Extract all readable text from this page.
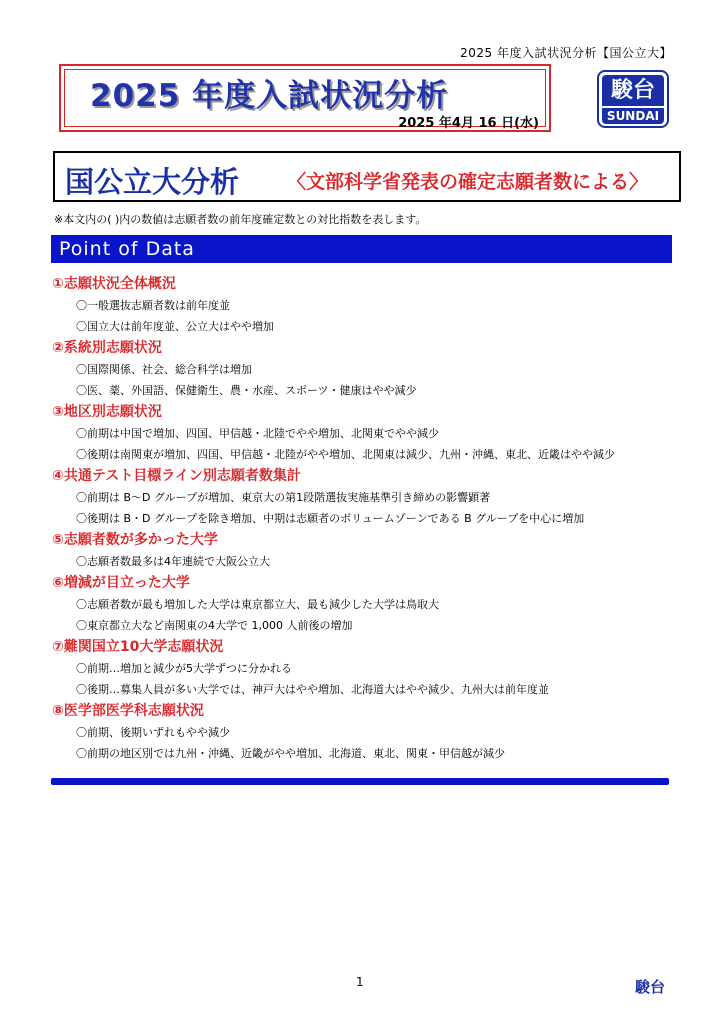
2025 年度入試状況分析【国公立大】
2025 年度入試状況分析
2025 年4月 16 日(水)
駿台
SUNDAI
国公立大分析	〈文部科学省発表の確定志願者数による〉
※本文内の( )内の数値は志願者数の前年度確定数との対比指数を表します。
Point of Data
①志願状況全体概況
〇一般選抜志願者数は前年度並
〇国立大は前年度並、公立大はやや増加
②系統別志願状況
〇国際関係、社会、総合科学は増加
〇医、薬、外国語、保健衛生、農・水産、スポーツ・健康はやや減少
③地区別志願状況
〇前期は中国で増加、四国、甲信越・北陸でやや増加、北関東でやや減少
〇後期は南関東が増加、四国、甲信越・北陸がやや増加、北関東は減少、九州・沖縄、東北、近畿はやや減少
④共通テスト目標ライン別志願者数集計
〇前期は B～D グループが増加、東京大の第1段階選抜実施基準引き締めの影響顕著
〇後期は B・D グループを除き増加、中期は志願者のボリュームゾーンである B グループを中心に増加
⑤志願者数が多かった大学
〇志願者数最多は4年連続で大阪公立大
⑥増減が目立った大学
〇志願者数が最も増加した大学は東京都立大、最も減少した大学は鳥取大
〇東京都立大など南関東の4大学で 1,000 人前後の増加
⑦難関国立10大学志願状況
〇前期…増加と減少が5大学ずつに分かれる
〇後期…募集人員が多い大学では、神戸大はやや増加、北海道大はやや減少、九州大は前年度並
⑧医学部医学科志願状況
〇前期、後期いずれもやや減少
〇前期の地区別では九州・沖縄、近畿がやや増加、北海道、東北、関東・甲信越が減少
1	駿台
